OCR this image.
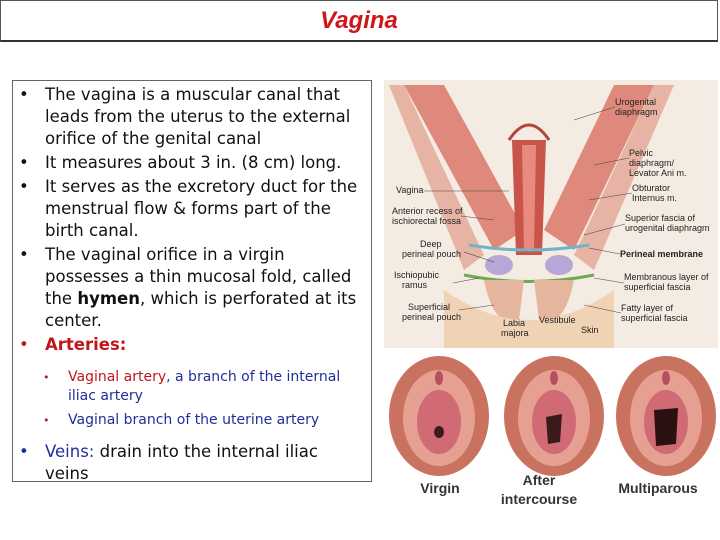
Vagina
• The vagina is a muscular canal that leads from the uterus to the external orifice of the genital canal
• It measures about 3 in. (8 cm) long.
• It serves as the excretory duct for the menstrual flow & forms part of the birth canal.
• The vaginal orifice in a virgin possesses a thin mucosal fold, called the hymen, which is perforated at its center.
• Arteries:
• Vaginal artery, a branch of the internal iliac artery
• Vaginal branch of the uterine artery
• Veins: drain into the internal iliac veins
Urogenital
diaphragm
Pelvic
diaphragm/
Levator Ani m.
Vagina	Obturator
Internus m.
Anterior recess of
ischiorectal fossa	Superior fascia of
urogenital diaphragm
Deep
perineal pouch	Perineal membrane
Ischiopubic
ramus
Membranous layer of
superficial fascia
Superficial
perineal pouch
Labia
majora
Vestibule
Skin
Fatty layer of
superficial fascia
Virgin	After
intercourse
Multiparous
